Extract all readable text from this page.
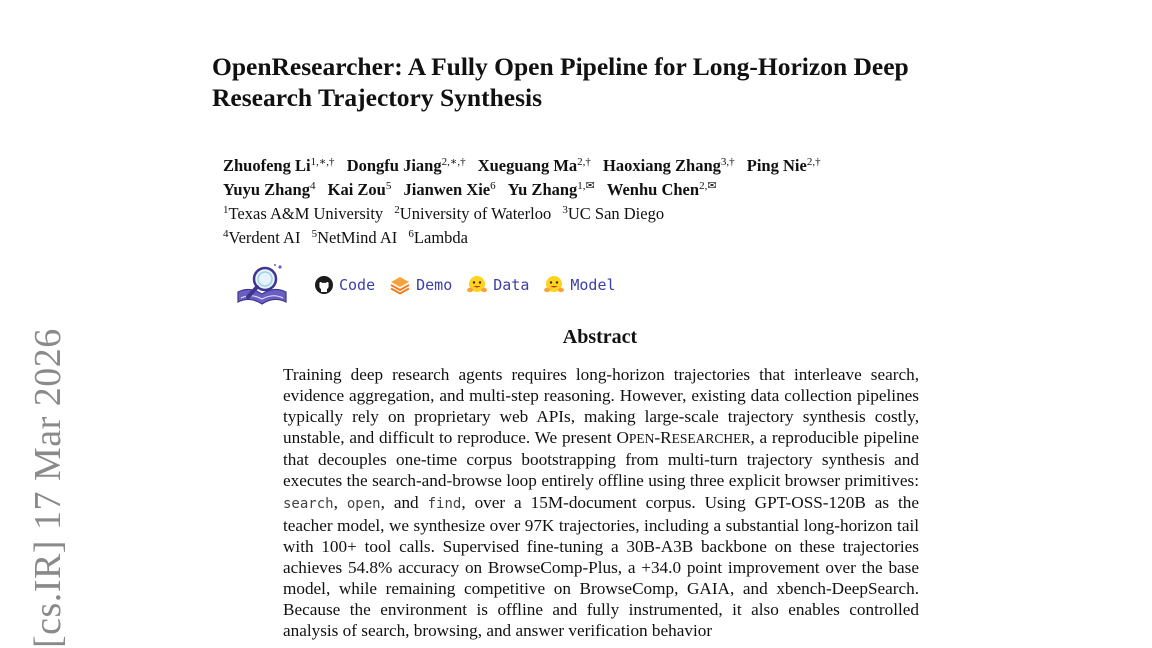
[cs.IR] 17 Mar 2026
OpenResearcher: A Fully Open Pipeline for Long-Horizon Deep
Research Trajectory Synthesis
Zhuofeng $Li^{1,∗,\dagger}$ Dongfu Jiang$^{2,∗,\dagger}$ Xueguang $Ma^{2,\dagger}$ Haoxiang Zhang$^{3,\dagger}$ Ping Nie$^{2,\dagger}$
Yuyu Zhang$^4$ Kai Zou$^5$ Jianwen Xie$^6$ Yu Zhang$^{1,✉}$ Wenhu Chen$^{2,✉}$
$^1$Texas A&M University $^2$University of Waterloo $^3$UC San Diego
$^4$Verdent AI $^5$NetMind AI $^6$Lambda
Code	Demo	Data	Model
Abstract

Training deep research agents requires long-horizon trajectories that interleave search, evidence aggregation, and multi-step reasoning. However, existing data collection pipelines typically rely on proprietary web APIs, making large-scale trajectory synthesis costly, unstable, and difficult to reproduce. We present OPEN-RESEARCHER, a reproducible pipeline that decouples one-time corpus bootstrapping from multi-turn trajectory synthesis and executes the search-and-browse loop entirely offline using three explicit browser primitives: search, open, and find, over a 15M-document corpus. Using GPT-OSS-120B as the teacher model, we synthesize over 97K trajectories, including a substantial long-horizon tail with 100+ tool calls. Supervised fine-tuning a 30B-A3B backbone on these trajectories achieves 54.8% accuracy on BrowseComp-Plus, a +34.0 point improvement over the base model, while remaining competitive on BrowseComp, GAIA, and xbench-DeepSearch. Because the environment is offline and fully instrumented, it also enables controlled analysis of search, browsing, and answer verification behavior
